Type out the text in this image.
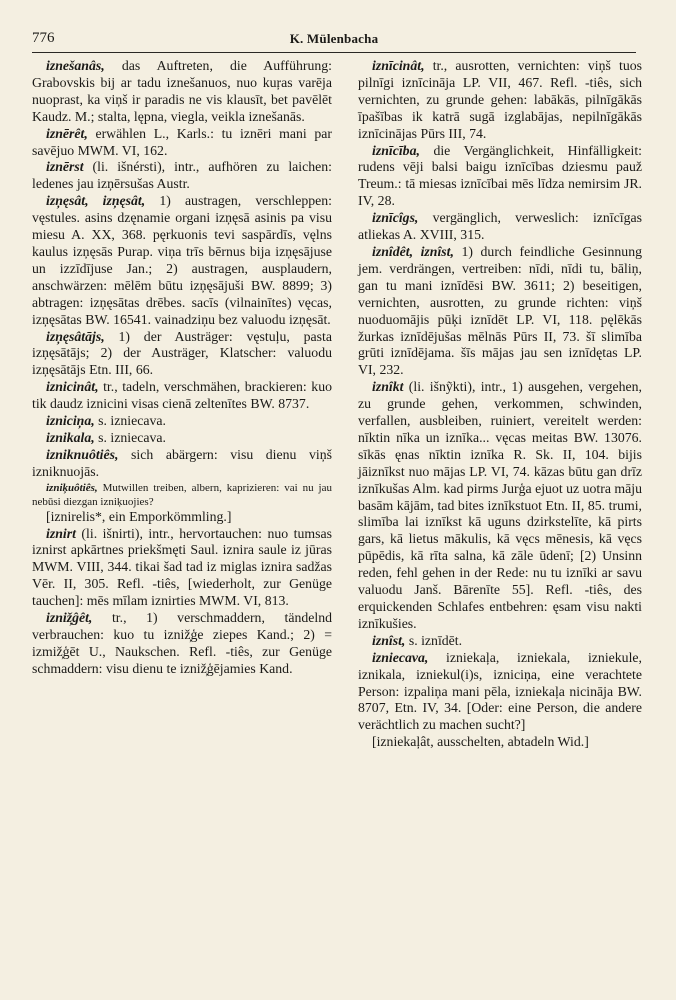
776	K. Mülenbacha

iznešanâs, das Auftreten, die Aufführung: Grabovskis bij ar tadu iznešanuos, nuo kuŗas varēja nuoprast, ka viņš ir paradis ne vis klausīt, bet pavēlēt Kaudz. M.; stalta, lępna, viegla, veikla iznešanās.

iznērêt, erwählen L., Karls.: tu iznēri mani par savējuo MWM. VI, 162.

iznērst (li. išnérsti), intr., aufhören zu laichen: ledenes jau izņērsušas Austr.

izņęsât, izņęsât, 1) austragen, verschleppen: vęstules. asins dzęnamie organi izņęsā asinis pa visu miesu A. XX, 368. pęrkuonis tevi saspārdīs, vęlns kaulus izņęsās Purap. viņa trīs bērnus bija izņęsājuse un izzīdījuse Jan.; 2) austragen, ausplaudern, anschwärzen: mēlēm būtu izņęsājuši BW. 8899; 3) abtragen: izņęsātas drēbes. sacīs (vilnainītes) vęcas, izņęsātas BW. 16541. vainadziņu bez valuodu izņęsāt.

izņęsâtājs, 1) der Austräger: vęstuļu, pasta izņęsātājs; 2) der Austräger, Klatscher: valuodu izņęsātājs Etn. III, 66.

iznicinât, tr., tadeln, verschmähen, brackieren: kuo tik daudz iznicini visas cienā zeltenītes BW. 8737.

izniciņa, s. izniecava.

iznikala, s. izniecava.

izniknuôtiês, sich abärgern: visu dienu viņš izniknuojās.

izniķuôtiês, Mutwillen treiben, albern, kaprizieren: vai nu jau nebūsi diezgan izniķuojies?

[iznirelis*, ein Emporkömmling.]

iznirt (li. išnirti), intr., hervortauchen: nuo tumsas iznirst apkārtnes priekšmęti Saul. iznira saule iz jūras MWM. VIII, 344. tikai šad tad iz miglas iznira sadžas Vēr. II, 305. Refl. -tiês, [wiederholt, zur Genüge tauchen]: mēs mīlam iznirties MWM. VI, 813.

izniž̦ĝêt, tr., 1) verschmaddern, tändelnd verbrauchen: kuo tu izniž̦ģe ziepes Kand.; 2) = izmiž̦ģēt U., Naukschen. Refl. -tiês, zur Genüge schmaddern: visu dienu te izniž̦ģējamies Kand.

iznīcinât, tr., ausrotten, vernichten: viņš tuos pilnīgi iznīcināja LP. VII, 467. Refl. -tiês, sich vernichten, zu grunde gehen: labākās, pilnīgākās īpašības ik katrā sugā izglabājas, nepilnīgākās iznīcinājas Pūrs III, 74.

iznīcība, die Vergänglichkeit, Hinfälligkeit: rudens vēji balsi baigu iznīcības dziesmu pauž Treum.: tā miesas iznīcībai mēs līdza nemirsim JR. IV, 28.

iznīcîgs, vergänglich, verweslich: iznīcīgas atliekas A. XVIII, 315.

iznîdêt, iznîst, 1) durch feindliche Gesinnung jem. verdrängen, vertreiben: nīdi, nīdi tu, bāliņ, gan tu mani iznīdēsi BW. 3611; 2) beseitigen, vernichten, ausrotten, zu grunde richten: viņš nuoduomājis pūķi iznīdēt LP. VI, 118. pęlēkās žurkas iznīdējušas mēlnās Pūrs II, 73. šī slimība grūti iznīdējama. šīs mājas jau sen iznīdętas LP. VI, 232.

iznîkt (li. išnỹkti), intr., 1) ausgehen, vergehen, zu grunde gehen, verkommen, schwinden, verfallen, ausbleiben, ruiniert, vereitelt werden: nīktin nīka un iznīka... vęcas meitas BW. 13076. sīkās ęnas nīktin iznīka R. Sk. II, 104. bijis jāiznīkst nuo mājas LP. VI, 74. kāzas būtu gan drīz iznīkušas Alm. kad pirms Jurģa ejuot uz uotra māju basām kājām, tad bites iznīkstuot Etn. II, 85. trumi, slimība lai iznīkst kā uguns dzirkstelīte, kā pirts gars, kā lietus mākulis, kā vęcs mēnesis, kā vęcs pūpēdis, kā rīta salna, kā zāle ūdenī; [2) Unsinn reden, fehl gehen in der Rede: nu tu iznīki ar savu valuodu Janš. Bārenīte 55]. Refl. -tiês, des erquickenden Schlafes entbehren: ęsam visu nakti iznīkušies.

iznîst, s. iznīdēt.

izniecava, izniekaļa, izniekala, izniekule, iznikala, izniekul(i)s, izniciņa, eine verachtete Person: izpaliņa mani pēla, izniekaļa nicināja BW. 8707, Etn. IV, 34. [Oder: eine Person, die andere verächtlich zu machen sucht?]

[izniekaļât, ausschelten, abtadeln Wid.]
